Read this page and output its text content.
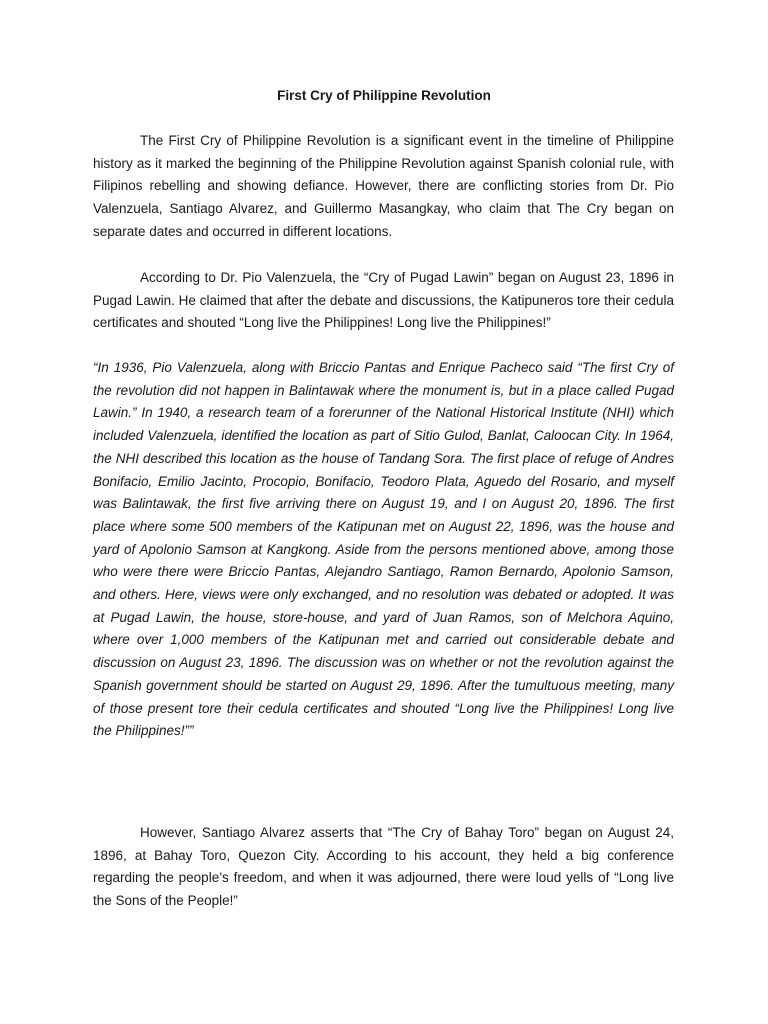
First Cry of Philippine Revolution

The First Cry of Philippine Revolution is a significant event in the timeline of Philippine history as it marked the beginning of the Philippine Revolution against Spanish colonial rule, with Filipinos rebelling and showing defiance. However, there are conflicting stories from Dr. Pio Valenzuela, Santiago Alvarez, and Guillermo Masangkay, who claim that The Cry began on separate dates and occurred in different locations.

According to Dr. Pio Valenzuela, the “Cry of Pugad Lawin” began on August 23, 1896 in Pugad Lawin. He claimed that after the debate and discussions, the Katipuneros tore their cedula certificates and shouted “Long live the Philippines! Long live the Philippines!”

“In 1936, Pio Valenzuela, along with Briccio Pantas and Enrique Pacheco said “The first Cry of the revolution did not happen in Balintawak where the monument is, but in a place called Pugad Lawin.” In 1940, a research team of a forerunner of the National Historical Institute (NHI) which included Valenzuela, identified the location as part of Sitio Gulod, Banlat, Caloocan City. In 1964, the NHI described this location as the house of Tandang Sora. The first place of refuge of Andres Bonifacio, Emilio Jacinto, Procopio, Bonifacio, Teodoro Plata, Aguedo del Rosario, and myself was Balintawak, the first five arriving there on August 19, and I on August 20, 1896. The first place where some 500 members of the Katipunan met on August 22, 1896, was the house and yard of Apolonio Samson at Kangkong. Aside from the persons mentioned above, among those who were there were Briccio Pantas, Alejandro Santiago, Ramon Bernardo, Apolonio Samson, and others. Here, views were only exchanged, and no resolution was debated or adopted. It was at Pugad Lawin, the house, store-house, and yard of Juan Ramos, son of Melchora Aquino, where over 1,000 members of the Katipunan met and carried out considerable debate and discussion on August 23, 1896. The discussion was on whether or not the revolution against the Spanish government should be started on August 29, 1896. After the tumultuous meeting, many of those present tore their cedula certificates and shouted “Long live the Philippines! Long live the Philippines!””

However, Santiago Alvarez asserts that “The Cry of Bahay Toro” began on August 24, 1896, at Bahay Toro, Quezon City. According to his account, they held a big conference regarding the people’s freedom, and when it was adjourned, there were loud yells of “Long live the Sons of the People!”
